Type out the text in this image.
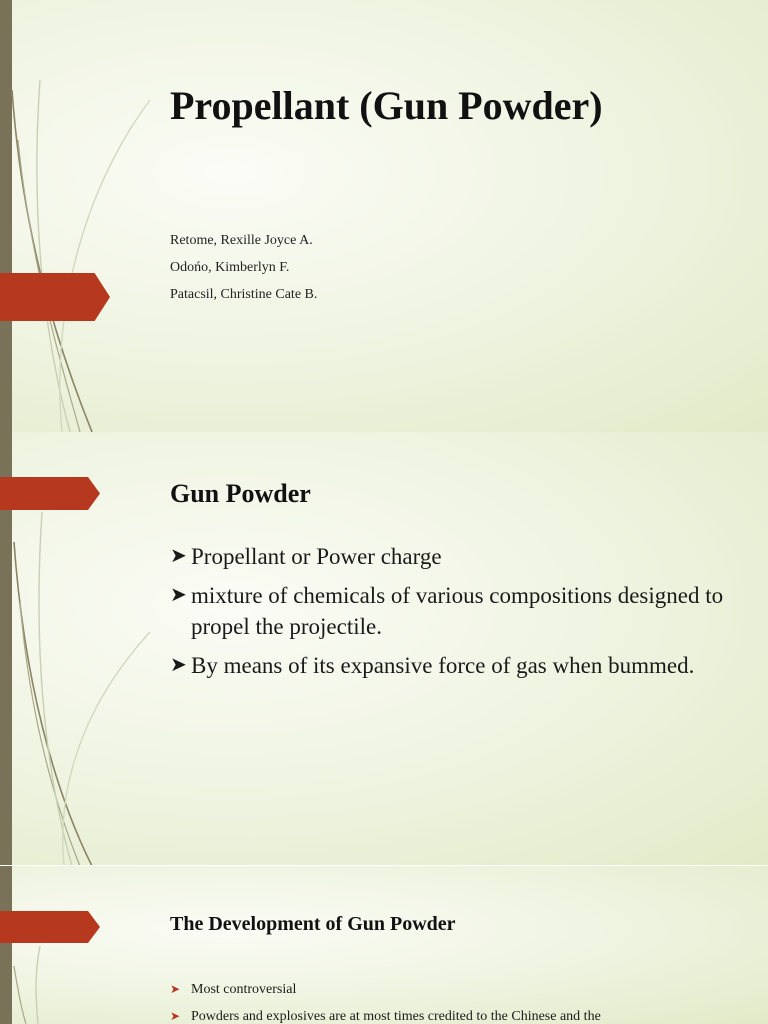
Propellant (Gun Powder)
Retome, Rexille Joyce A.
Odońo, Kimberlyn F.
Patacsil, Christine Cate B.
Gun Powder
➤ Propellant or Power charge
➤ mixture of chemicals of various compositions designed to propel the projectile.
➤ By means of its expansive force of gas when bummed.
The Development of Gun Powder
➤ Most controversial
➤ Powders and explosives are at most times credited to the Chinese and the
